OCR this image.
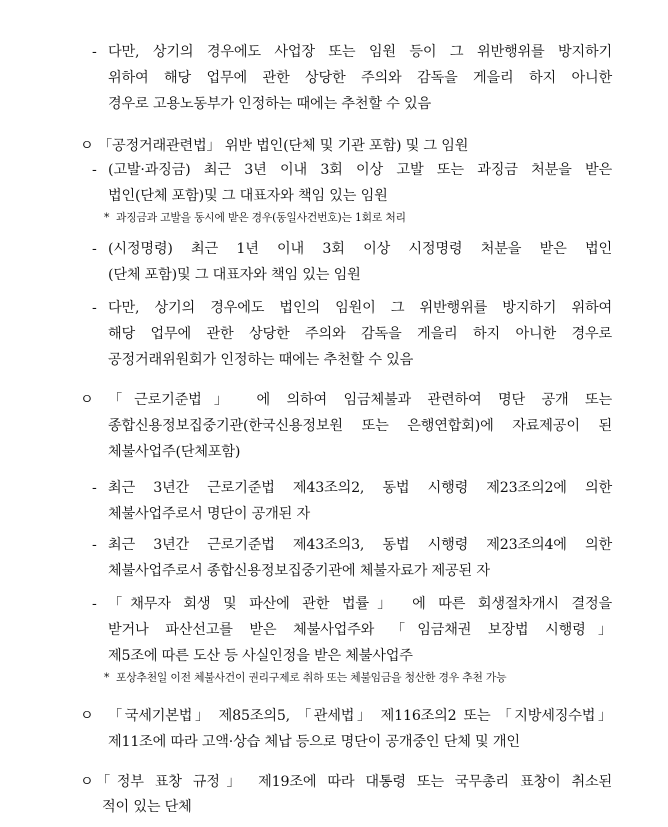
- 다만, 상기의 경우에도 사업장 또는 임원 등이 그 위반행위를 방지하기
위하여 해당 업무에 관한 상당한 주의와 감독을 게을리 하지 아니한
경우로 고용노동부가 인정하는 때에는 추천할 수 있음
ㅇ 「공정거래관련법」 위반 법인(단체 및 기관 포함) 및 그 임원
- (고발·과징금) 최근 3년 이내 3회 이상 고발 또는 과징금 처분을 받은
법인(단체 포함)및 그 대표자와 책임 있는 임원
* 과징금과 고발을 동시에 받은 경우(동일사건번호)는 1회로 처리
- (시정명령) 최근 1년 이내 3회 이상 시정명령 처분을 받은 법인
(단체 포함)및 그 대표자와 책임 있는 임원
- 다만, 상기의 경우에도 법인의 임원이 그 위반행위를 방지하기 위하여
해당 업무에 관한 상당한 주의와 감독을 게을리 하지 아니한 경우로
공정거래위원회가 인정하는 때에는 추천할 수 있음
ㅇ 「근로기준법」 에 의하여 임금체불과 관련하여 명단 공개 또는
종합신용정보집중기관(한국신용정보원 또는 은행연합회)에 자료제공이 된
체불사업주(단체포함)
- 최근 3년간 근로기준법 제43조의2, 동법 시행령 제23조의2에 의한
체불사업주로서 명단이 공개된 자
- 최근 3년간 근로기준법 제43조의3, 동법 시행령 제23조의4에 의한
체불사업주로서 종합신용정보집중기관에 체불자료가 제공된 자
- 「채무자 회생 및 파산에 관한 법률」 에 따른 회생절차개시 결정을
받거나 파산선고를 받은 체불사업주와 「임금채권 보장법 시행령」
제5조에 따른 도산 등 사실인정을 받은 체불사업주
* 포상추천일 이전 체불사건이 권리구제로 취하 또는 체불임금을 청산한 경우 추천 가능
ㅇ 「국세기본법」 제85조의5, 「관세법」 제116조의2 또는 「지방세징수법」
제11조에 따라 고액·상습 체납 등으로 명단이 공개중인 단체 및 개인
ㅇ 「정부 표창 규정」 제19조에 따라 대통령 또는 국무총리 표창이 취소된
적이 있는 단체
